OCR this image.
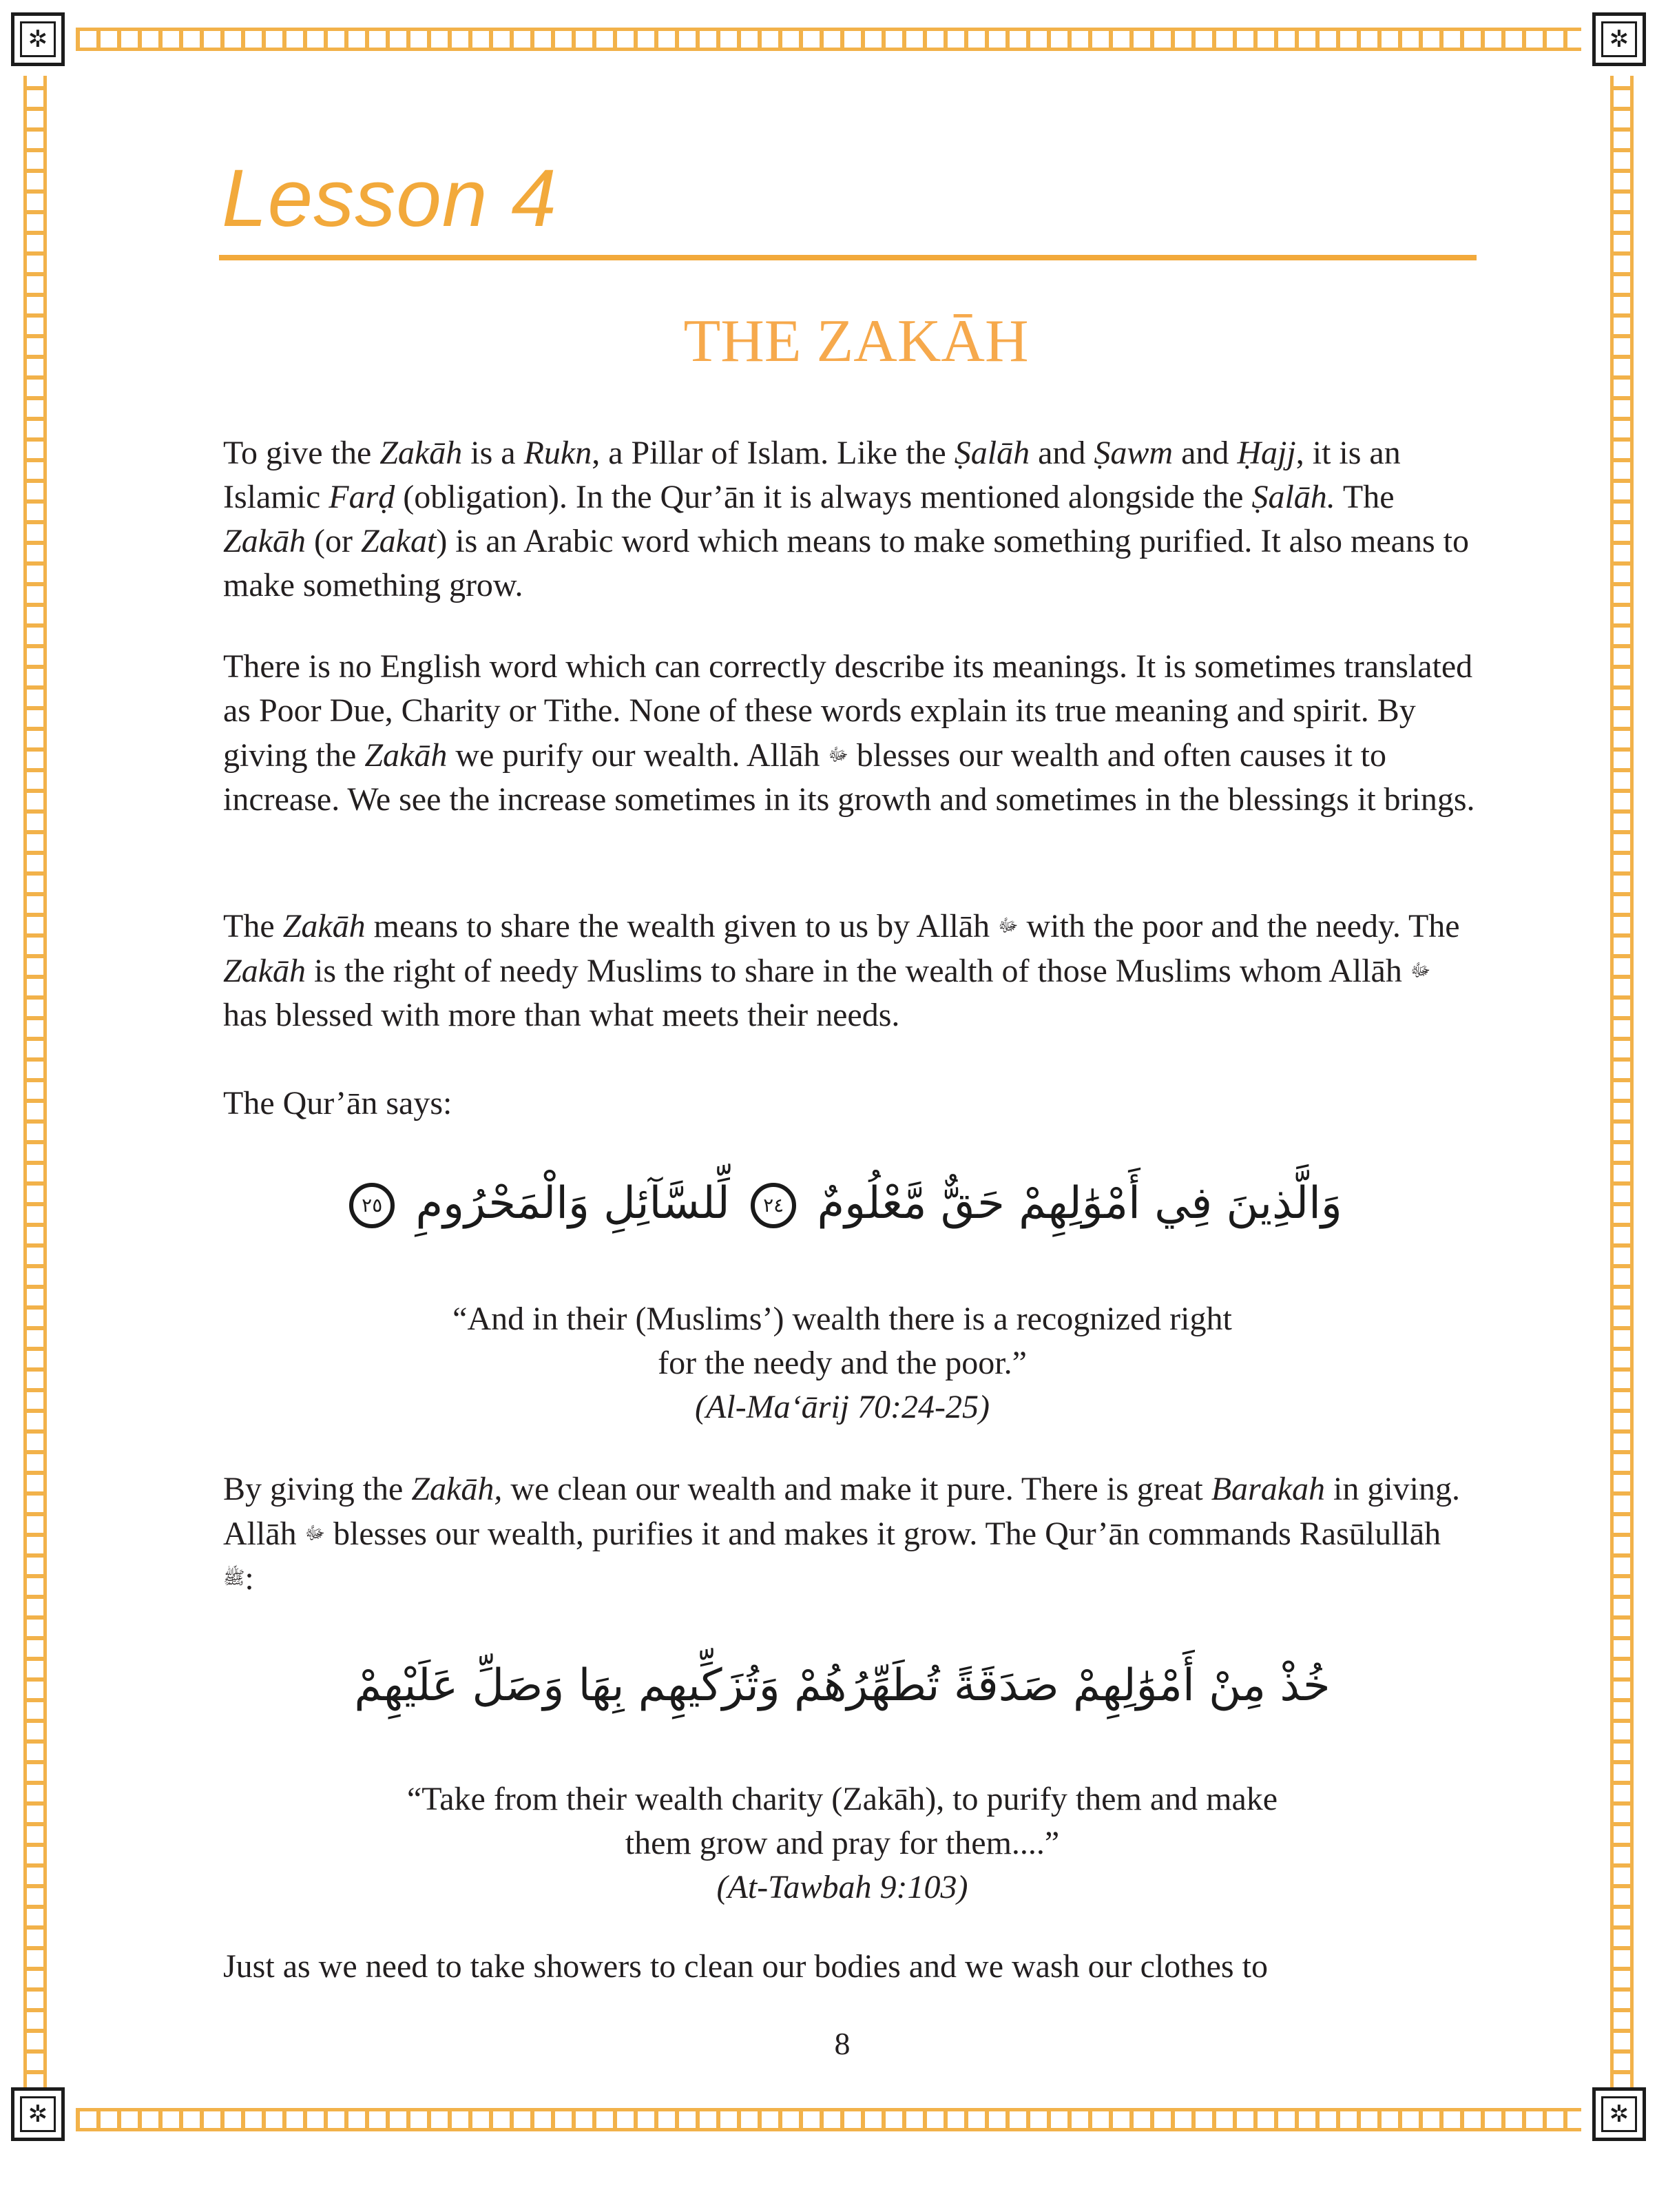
✲	✲
✲	✲
Lesson 4
THE ZAKĀH

To give the Zakāh is a Rukn, a Pillar of Islam. Like the Ṣalāh and Ṣawm and Ḥajj, it is an Islamic Farḍ (obligation). In the Qur’ān it is always mentioned alongside the Ṣalāh. The Zakāh (or Zakat) is an Arabic word which means to make something purified. It also means to make something grow.

There is no English word which can correctly describe its meanings. It is sometimes translated as Poor Due, Charity or Tithe. None of these words explain its true meaning and spirit. By giving the Zakāh we purify our wealth. Allāh ﷻ blesses our wealth and often causes it to increase. We see the increase sometimes in its growth and sometimes in the blessings it brings.

The Zakāh means to share the wealth given to us by Allāh ﷻ with the poor and the needy. The Zakāh is the right of needy Muslims to share in the wealth of those Muslims whom Allāh ﷻ has blessed with more than what meets their needs.

The Qur’ān says:

وَالَّذِينَ فِي أَمْوَٰلِهِمْ حَقٌّ مَّعْلُومٌ ٢٤ لِّلسَّآئِلِ وَالْمَحْرُومِ ٢٥

“And in their (Muslims’) wealth there is a recognized right
for the needy and the poor.”
(Al-Ma‘ārij 70:24-25)

By giving the Zakāh, we clean our wealth and make it pure. There is great Barakah in giving. Allāh ﷻ blesses our wealth, purifies it and makes it grow. The Qur’ān commands Rasūlullāh ﷺ:

خُذْ مِنْ أَمْوَٰلِهِمْ صَدَقَةً تُطَهِّرُهُمْ وَتُزَكِّيهِم بِهَا وَصَلِّ عَلَيْهِمْ

“Take from their wealth charity (Zakāh), to purify them and make
them grow and pray for them....”
(At-Tawbah 9:103)

Just as we need to take showers to clean our bodies and we wash our clothes to

8
